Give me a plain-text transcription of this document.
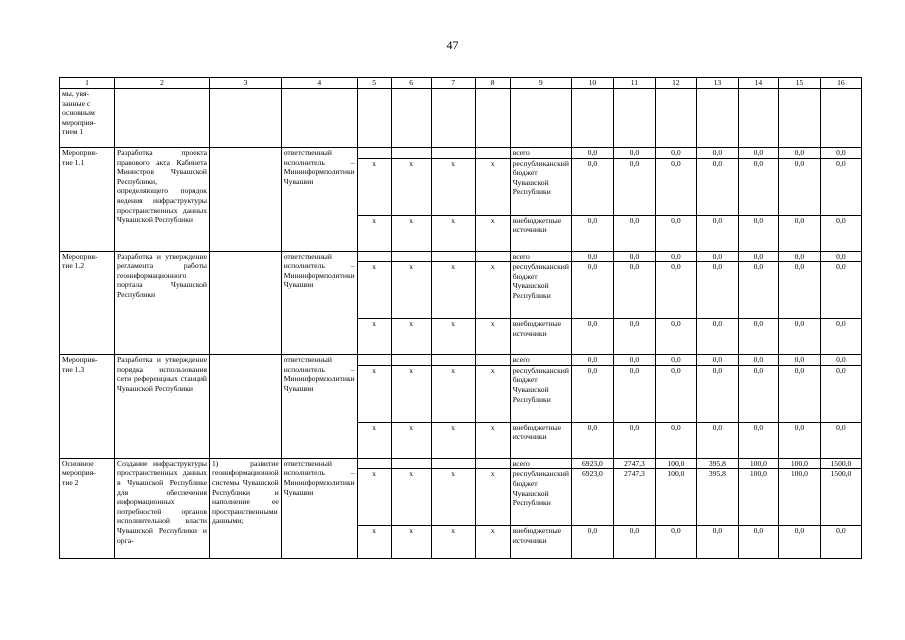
47
1	2	3	4	5	6	7	8	9	10	11	12	13	14	15	16
мы, увя-
занные с
основным
мероприя-
тием 1															
Мероприя-
тие 1.1	Разработка проекта правового акта Кабинета Министров Чувашской Республики, определяющего порядок ведения инфраструктуры пространственных данных Чувашской Республики		ответственный исполнитель – Мининформполитики Чувашии					всего	0,0	0,0	0,0	0,0	0,0	0,0	0,0
				x	x	x	x	республиканский бюджет Чувашской Республики	0,0	0,0	0,0	0,0	0,0	0,0	0,0
				x	x	x	x	внебюджетные источники	0,0	0,0	0,0	0,0	0,0	0,0	0,0
Мероприя-
тие 1.2	Разработка и утверждение регламента работы геоинформационного портала Чувашской Республики		ответственный исполнитель – Мининформполитики Чувашии					всего	0,0	0,0	0,0	0,0	0,0	0,0	0,0
				x	x	x	x	республиканский бюджет Чувашской Республики	0,0	0,0	0,0	0,0	0,0	0,0	0,0
				x	x	x	x	внебюджетные источники	0,0	0,0	0,0	0,0	0,0	0,0	0,0
Мероприя-
тие 1.3	Разработка и утверждение порядка использования сети референцных станций Чувашской Республики		ответственный исполнитель – Мининформполитики Чувашии					всего	0,0	0,0	0,0	0,0	0,0	0,0	0,0
				x	x	x	x	республиканский бюджет Чувашской Республики	0,0	0,0	0,0	0,0	0,0	0,0	0,0
				x	x	x	x	внебюджетные источники	0,0	0,0	0,0	0,0	0,0	0,0	0,0
Основное
мероприя-
тие 2	Создание инфраструктуры пространственных данных в Чувашской Республике для обеспечения информационных потребностей органов исполнительной власти Чувашской Республики и орга-	1) развитие геоинформационной системы Чувашской Республики и наполнение ее пространственными данными;	ответственный исполнитель – Мининформполитики Чувашии					всего	6923,0	2747,3	100,0	395,8	100,0	100,0	1500,0
				x	x	x	x	республиканский бюджет Чувашской Республики	6923,0	2747,3	100,0	395,8	100,0	100,0	1500,0
				x	x	x	x	внебюджетные источники	0,0	0,0	0,0	0,0	0,0	0,0	0,0
